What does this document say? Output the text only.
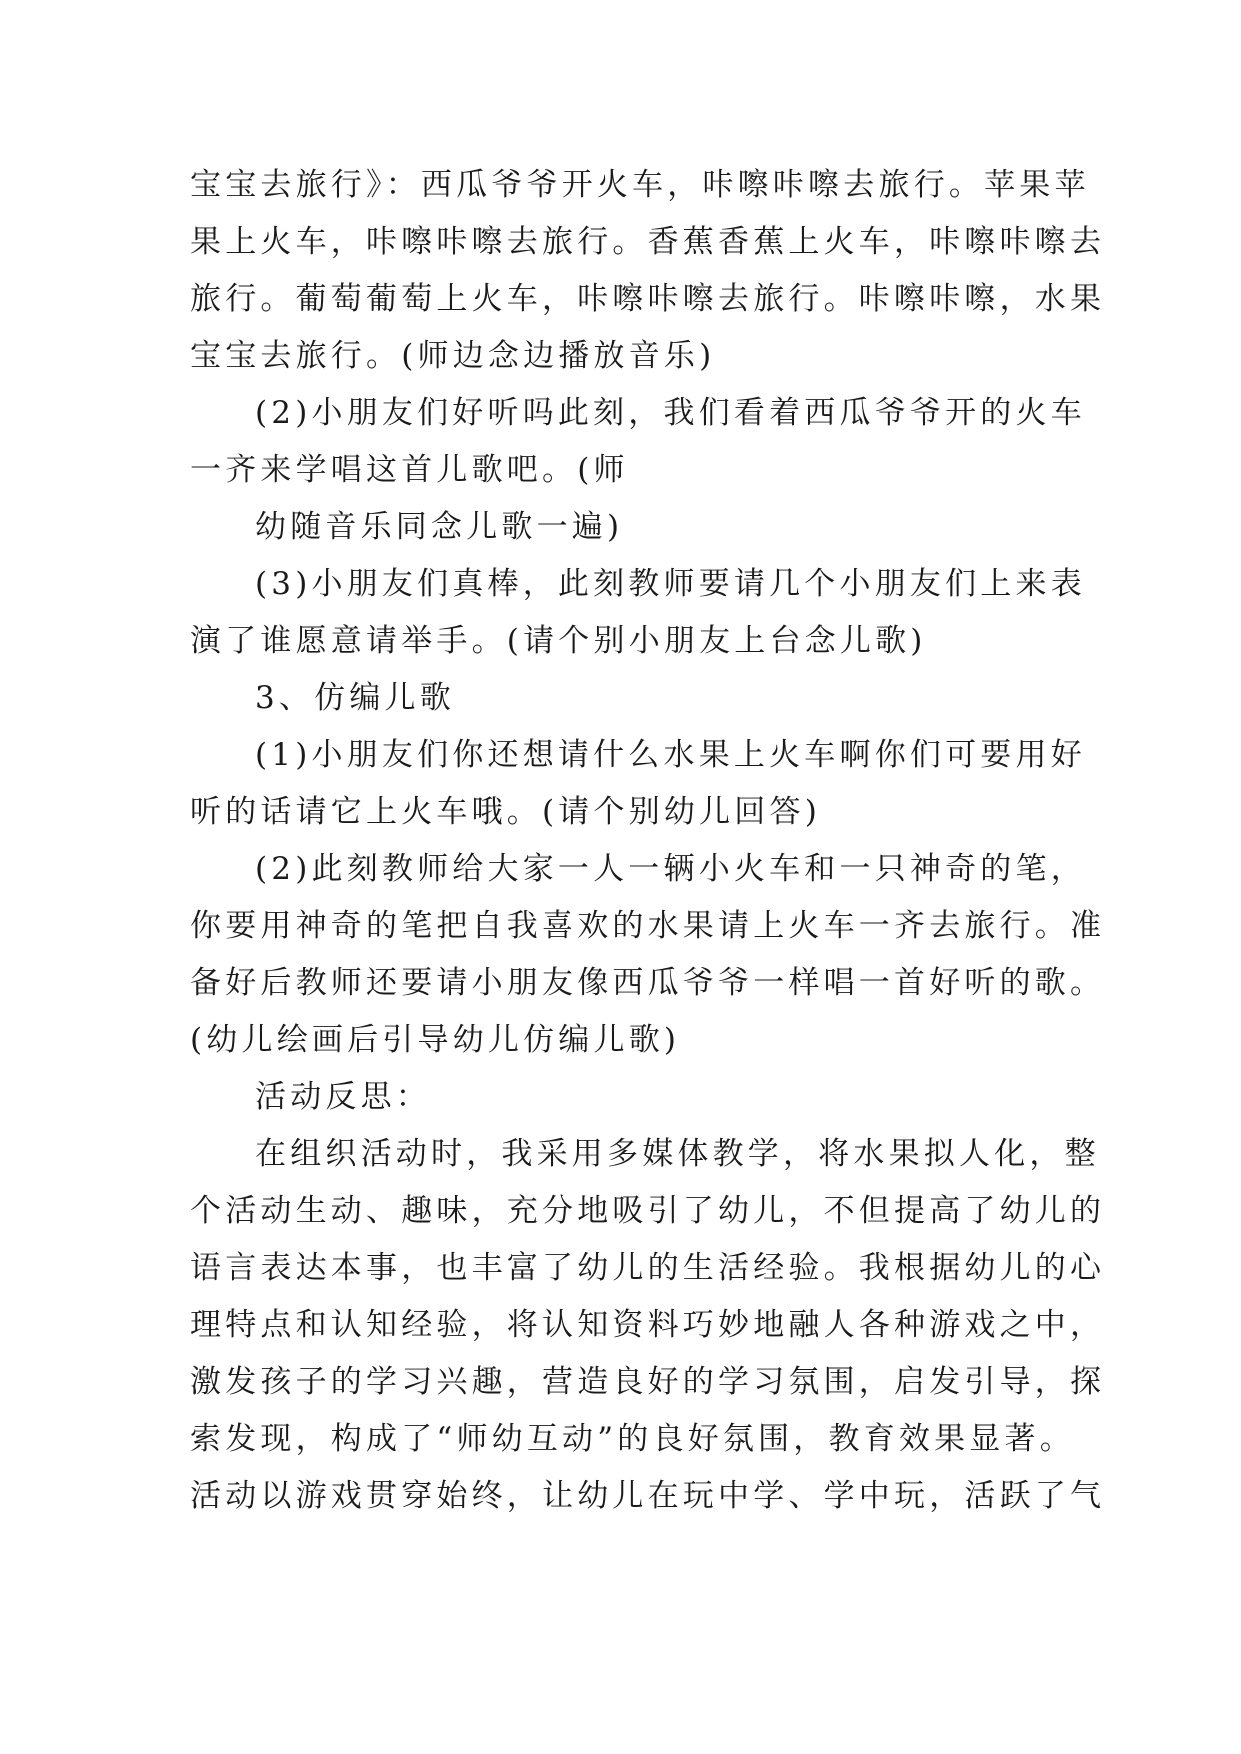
宝宝去旅行》：西瓜爷爷开火车，咔嚓咔嚓去旅行。苹果苹
果上火车，咔嚓咔嚓去旅行。香蕉香蕉上火车，咔嚓咔嚓去
旅行。葡萄葡萄上火车，咔嚓咔嚓去旅行。咔嚓咔嚓，水果
宝宝去旅行。(师边念边播放音乐)
(2)小朋友们好听吗此刻，我们看着西瓜爷爷开的火车
一齐来学唱这首儿歌吧。(师
幼随音乐同念儿歌一遍)
(3)小朋友们真棒，此刻教师要请几个小朋友们上来表
演了谁愿意请举手。(请个别小朋友上台念儿歌)
3、仿编儿歌
(1)小朋友们你还想请什么水果上火车啊你们可要用好
听的话请它上火车哦。(请个别幼儿回答)
(2)此刻教师给大家一人一辆小火车和一只神奇的笔，
你要用神奇的笔把自我喜欢的水果请上火车一齐去旅行。准
备好后教师还要请小朋友像西瓜爷爷一样唱一首好听的歌。
(幼儿绘画后引导幼儿仿编儿歌)
活动反思：
在组织活动时，我采用多媒体教学，将水果拟人化，整
个活动生动、趣味，充分地吸引了幼儿，不但提高了幼儿的
语言表达本事，也丰富了幼儿的生活经验。我根据幼儿的心
理特点和认知经验，将认知资料巧妙地融人各种游戏之中，
激发孩子的学习兴趣，营造良好的学习氛围，启发引导，探
索发现，构成了“师幼互动”的良好氛围，教育效果显著。
活动以游戏贯穿始终，让幼儿在玩中学、学中玩，活跃了气
